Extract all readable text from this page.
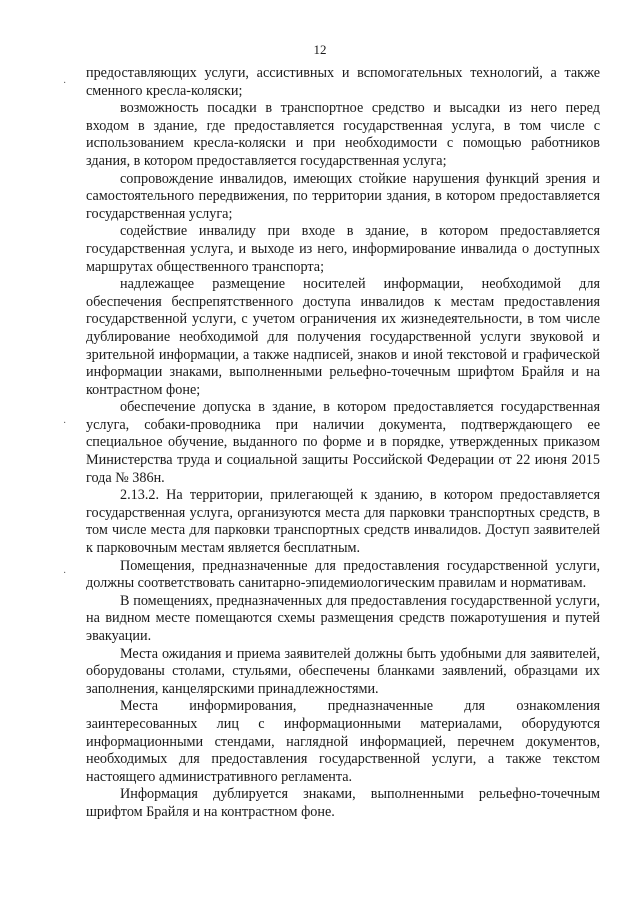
12
·
·
·

предоставляющих услуги, ассистивных и вспомогательных технологий, а также сменного кресла-коляски;

возможность посадки в транспортное средство и высадки из него перед входом в здание, где предоставляется государственная услуга, в том числе с использованием кресла-коляски и при необходимости с помощью работников здания, в котором предоставляется государственная услуга;

сопровождение инвалидов, имеющих стойкие нарушения функций зрения и самостоятельного передвижения, по территории здания, в котором предоставляется государственная услуга;

содействие инвалиду при входе в здание, в котором предоставляется государственная услуга, и выходе из него, информирование инвалида о доступных маршрутах общественного транспорта;

надлежащее размещение носителей информации, необходимой для обеспечения беспрепятственного доступа инвалидов к местам предоставления государственной услуги, с учетом ограничения их жизнедеятельности, в том числе дублирование необходимой для получения государственной услуги звуковой и зрительной информации, а также надписей, знаков и иной текстовой и графической информации знаками, выполненными рельефно-точечным шрифтом Брайля и на контрастном фоне;

обеспечение допуска в здание, в котором предоставляется государственная услуга, собаки-проводника при наличии документа, подтверждающего ее специальное обучение, выданного по форме и в порядке, утвержденных приказом Министерства труда и социальной защиты Российской Федерации от 22 июня 2015 года № 386н.

2.13.2. На территории, прилегающей к зданию, в котором предоставляется государственная услуга, организуются места для парковки транспортных средств, в том числе места для парковки транспортных средств инвалидов. Доступ заявителей к парковочным местам является бесплатным.

Помещения, предназначенные для предоставления государственной услуги, должны соответствовать санитарно-эпидемиологическим правилам и нормативам.

В помещениях, предназначенных для предоставления государственной услуги, на видном месте помещаются схемы размещения средств пожаротушения и путей эвакуации.

Места ожидания и приема заявителей должны быть удобными для заявителей, оборудованы столами, стульями, обеспечены бланками заявлений, образцами их заполнения, канцелярскими принадлежностями.

Места информирования, предназначенные для ознакомления заинтересованных лиц с информационными материалами, оборудуются информационными стендами, наглядной информацией, перечнем документов, необходимых для предоставления государственной услуги, а также текстом настоящего административного регламента.

Информация дублируется знаками, выполненными рельефно-точечным шрифтом Брайля и на контрастном фоне.
